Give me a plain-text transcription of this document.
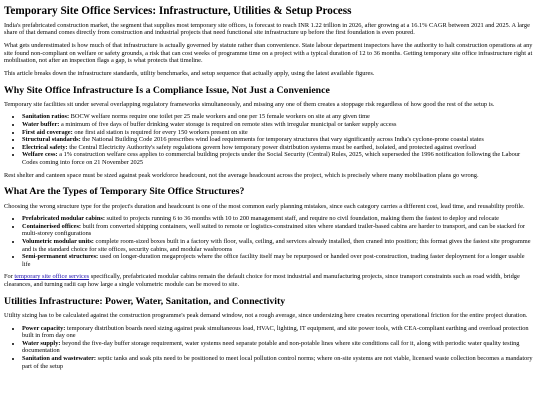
Temporary Site Office Services: Infrastructure, Utilities & Setup Process

India's prefabricated construction market, the segment that supplies most temporary site offices, is forecast to reach INR 1.22 trillion in 2026, after growing at a 16.1% CAGR between 2021 and 2025. A large share of that demand comes directly from construction and industrial projects that need functional site infrastructure up before the first foundation is even poured.

What gets underestimated is how much of that infrastructure is actually governed by statute rather than convenience. State labour department inspectors have the authority to halt construction operations at any site found non-compliant on welfare or safety grounds, a risk that can cost weeks of programme time on a project with a typical duration of 12 to 36 months. Getting temporary site office infrastructure right at mobilisation, not after an inspection flags a gap, is what protects that timeline.

This article breaks down the infrastructure standards, utility benchmarks, and setup sequence that actually apply, using the latest available figures.

Why Site Office Infrastructure Is a Compliance Issue, Not Just a Convenience

Temporary site facilities sit under several overlapping regulatory frameworks simultaneously, and missing any one of them creates a stoppage risk regardless of how good the rest of the setup is.

• Sanitation ratios: BOCW welfare norms require one toilet per 25 male workers and one per 15 female workers on site at any given time
• Water buffer: a minimum of five days of buffer drinking water storage is required on remote sites with irregular municipal or tanker supply access
• First aid coverage: one first aid station is required for every 150 workers present on site
• Structural standards: the National Building Code 2016 prescribes wind load requirements for temporary structures that vary significantly across India's cyclone-prone coastal states
• Electrical safety: the Central Electricity Authority's safety regulations govern how temporary power distribution systems must be earthed, isolated, and protected against overload
• Welfare cess: a 1% construction welfare cess applies to commercial building projects under the Social Security (Central) Rules, 2025, which superseded the 1996 notification following the Labour Codes coming into force on 21 November 2025

Rest shelter and canteen space must be sized against peak workforce headcount, not the average headcount across the project, which is precisely where many mobilisation plans go wrong.

What Are the Types of Temporary Site Office Structures?

Choosing the wrong structure type for the project's duration and headcount is one of the most common early planning mistakes, since each category carries a different cost, lead time, and reusability profile.

• Prefabricated modular cabins: suited to projects running 6 to 36 months with 10 to 200 management staff, and require no civil foundation, making them the fastest to deploy and relocate
• Containerised offices: built from converted shipping containers, well suited to remote or logistics-constrained sites where standard trailer-based cabins are harder to transport, and can be stacked for multi-storey configurations
• Volumetric modular units: complete room-sized boxes built in a factory with floor, walls, ceiling, and services already installed, then craned into position; this format gives the fastest site programme and is the standard choice for site offices, security cabins, and modular washrooms
• Semi-permanent structures: used on longer-duration megaprojects where the office facility itself may be repurposed or handed over post-construction, trading faster deployment for a longer usable life

For temporary site office services specifically, prefabricated modular cabins remain the default choice for most industrial and manufacturing projects, since transport constraints such as road width, bridge clearances, and turning radii cap how large a single volumetric module can be moved to site.

Utilities Infrastructure: Power, Water, Sanitation, and Connectivity

Utility sizing has to be calculated against the construction programme's peak demand window, not a rough average, since undersizing here creates recurring operational friction for the entire project duration.

• Power capacity: temporary distribution boards need sizing against peak simultaneous load, HVAC, lighting, IT equipment, and site power tools, with CEA-compliant earthing and overload protection built in from day one
• Water supply: beyond the five-day buffer storage requirement, water systems need separate potable and non-potable lines where site conditions call for it, along with periodic water quality testing documentation
• Sanitation and wastewater: septic tanks and soak pits need to be positioned to meet local pollution control norms; where on-site systems are not viable, licensed waste collection becomes a mandatory part of the setup
